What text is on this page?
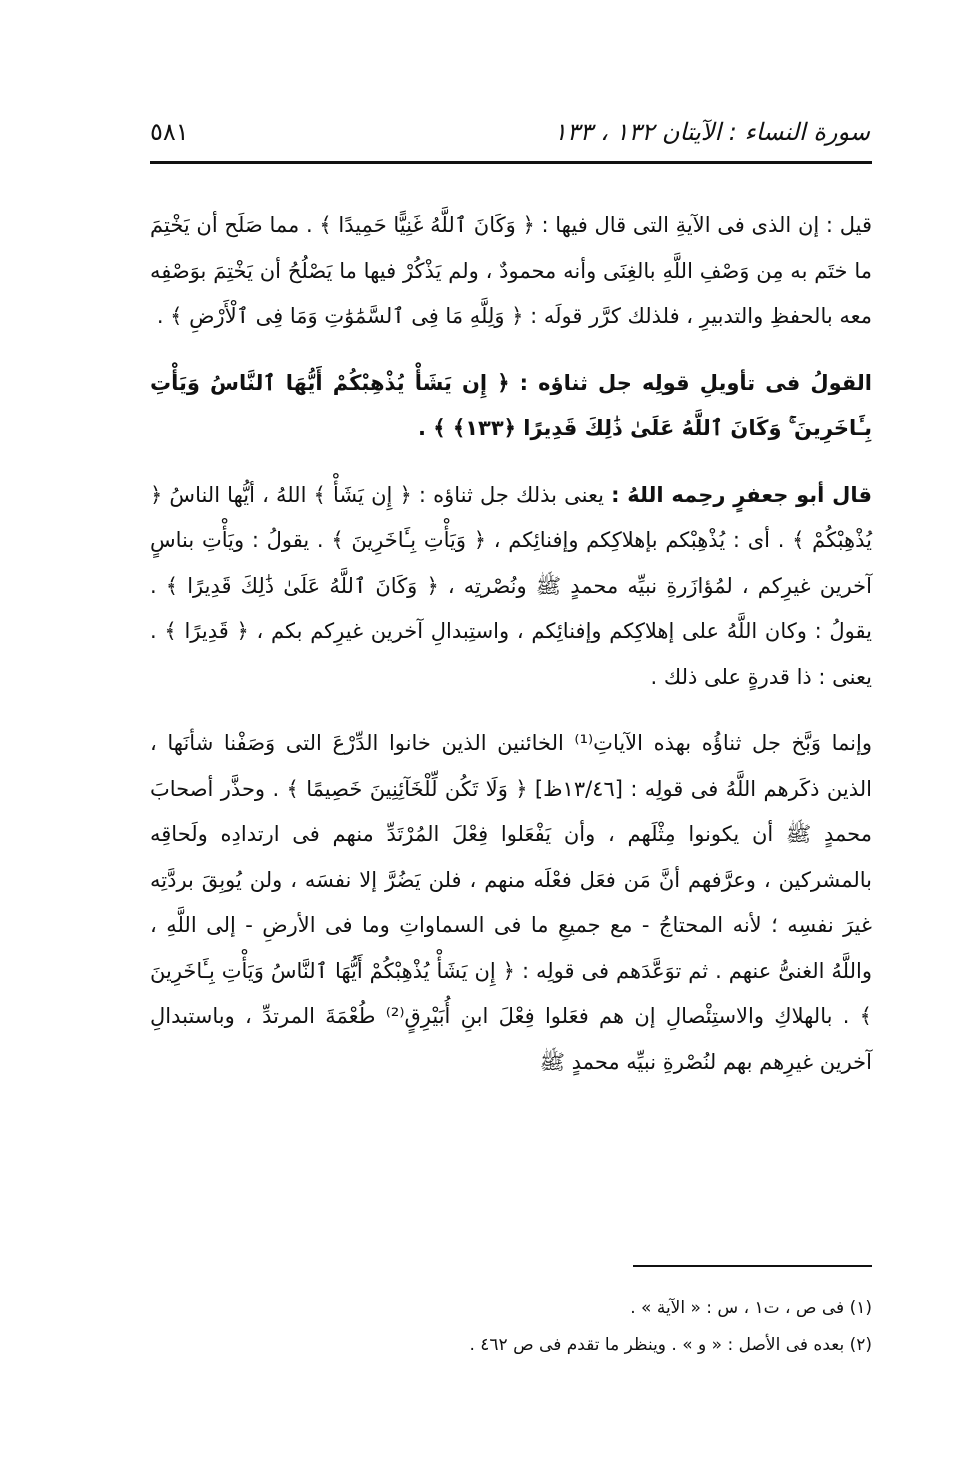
سورة النساء : الآيتان ١٣٢ ، ١٣٣
٥٨١

قيل : إن الذى فى الآيةِ التى قال فيها : ﴿ وَكَانَ ٱللَّهُ غَنِيًّا حَمِيدًا ﴾ . مما صَلَح أن يَخْتِمَ ما ختَم به مِن وَصْفِ اللَّهِ بالغِنَى وأنه محمودٌ ، ولم يَذْكُرْ فيها ما يَصْلُحُ أن يَخْتِمَ بوَصْفِه معه بالحفظِ والتدبيرِ ، فلذلك كرَّر قولَه : ﴿ وَلِلَّهِ مَا فِى ٱلسَّمَٰوَٰتِ وَمَا فِى ٱلْأَرْضِ ﴾ .

القولُ فى تأويلِ قولِه جل ثناؤه : ﴿ إِن يَشَأْ يُذْهِبْكُمْ أَيُّهَا ٱلنَّاسُ وَيَأْتِ بِـَٔاخَرِينَ ۚ وَكَانَ ٱللَّهُ عَلَىٰ ذَٰلِكَ قَدِيرًا ﴿١٣٣﴾ ﴾ .

قال أبو جعفرٍ رحِمه اللهُ : يعنى بذلك جل ثناؤه : ﴿ إِن يَشَأْ ﴾ اللهُ ، أيُّها الناسُ ﴿ يُذْهِبْكُمْ ﴾ . أى : يُذْهِبْكم بإهلاكِكم وإفنائِكم ، ﴿ وَيَأْتِ بِـَٔاخَرِينَ ﴾ . يقولُ : ويَأْتِ بناسٍ آخرين غيرِكم ، لمُؤازَرةِ نبيِّه محمدٍ ﷺ ونُصْرتِه ، ﴿ وَكَانَ ٱللَّهُ عَلَىٰ ذَٰلِكَ قَدِيرًا ﴾ . يقولُ : وكان اللَّهُ على إهلاكِكم وإفنائِكم ، واستِبدالِ آخرين غيرِكم بكم ، ﴿ قَدِيرًا ﴾ . يعنى : ذا قدرةٍ على ذلك .

وإنما وَبَّخ جل ثناؤُه بهذه الآياتِ⁽¹⁾ الخائنين الذين خانوا الدِّرْعَ التى وَصَفْنا شأنَها ، الذين ذكَرهم اللَّهُ فى قولِه : [١٣/٤٦ظ] ﴿ وَلَا تَكُن لِّلْخَآئِنِينَ خَصِيمًا ﴾ . وحذَّر أصحابَ محمدٍ ﷺ أن يكونوا مِثْلَهم ، وأن يَفْعَلوا فِعْلَ المُرْتَدِّ منهم فى ارتدادِه ولَحاقِه بالمشركين ، وعرَّفهم أنَّ مَن فعَل فعْلَه منهم ، فلن يَضُرَّ إلا نفسَه ، ولن يُوبِقَ بردَّتِه غيرَ نفسِه ؛ لأنه المحتاجُ - مع جميعِ ما فى السماواتِ وما فى الأرضِ - إلى اللَّهِ ، واللَّهُ الغنىُّ عنهم . ثم توَعَّدَهم فى قولِه : ﴿ إِن يَشَأْ يُذْهِبْكُمْ أَيُّهَا ٱلنَّاسُ وَيَأْتِ بِـَٔاخَرِينَ ﴾ . بالهلاكِ والاستِئْصالِ إن هم فعَلوا فِعْلَ ابنِ أُبَيْرِقٍ⁽²⁾ طُعْمَةَ المرتدِّ ، وباستبدالِ آخرين غيرِهم بهم لنُصْرةِ نبيِّه محمدٍ ﷺ

(١) فى ص ، ت١ ، س : « الآية » .

(٢) بعده فى الأصل : « و » . وينظر ما تقدم فى ص ٤٦٢ .
